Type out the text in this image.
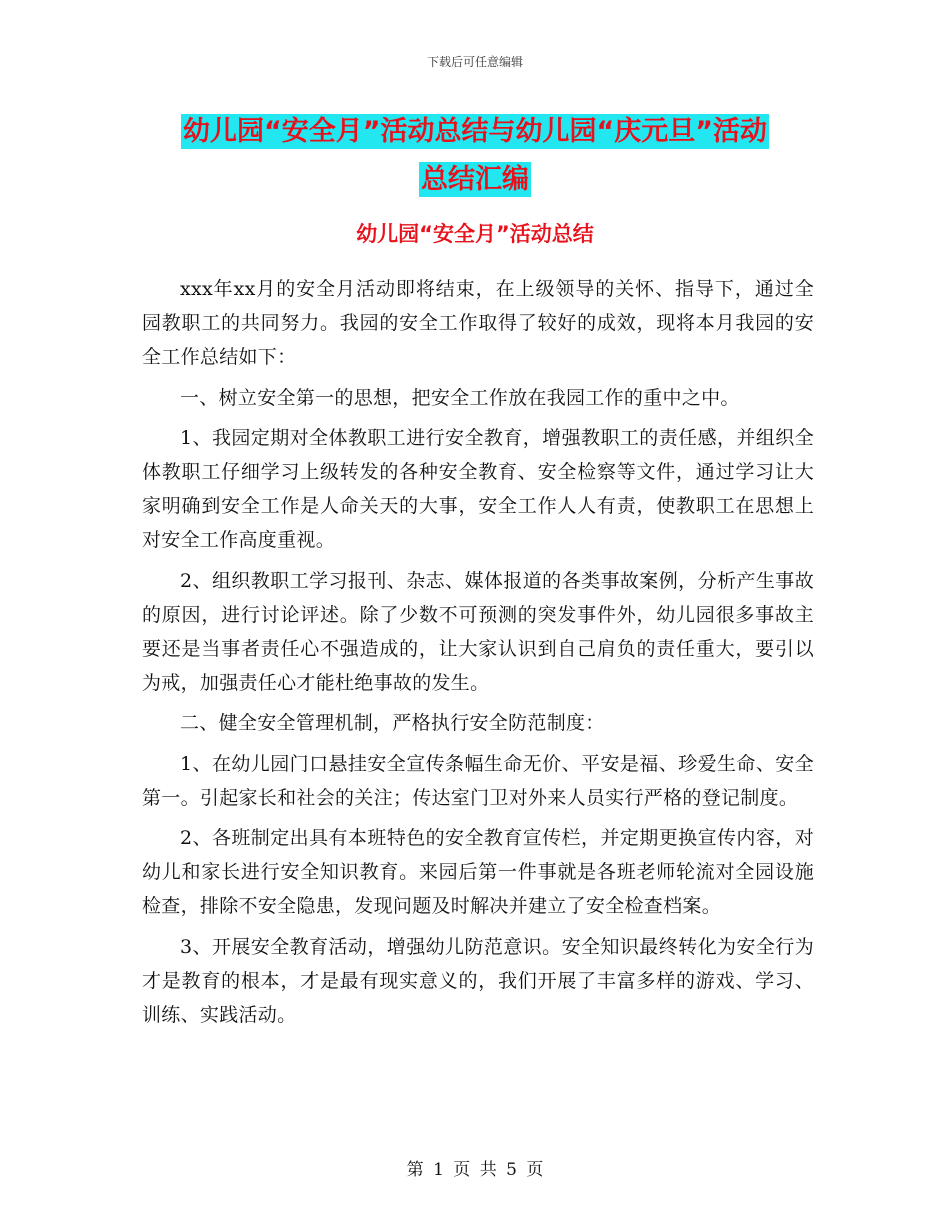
下载后可任意编辑
幼儿园“安全月”活动总结与幼儿园“庆元旦”活动
总结汇编
幼儿园“安全月”活动总结

xxx年xx月的安全月活动即将结束，在上级领导的关怀、指导下，通过全园教职工的共同努力。我园的安全工作取得了较好的成效，现将本月我园的安全工作总结如下：

一、树立安全第一的思想，把安全工作放在我园工作的重中之中。

1、我园定期对全体教职工进行安全教育，增强教职工的责任感，并组织全体教职工仔细学习上级转发的各种安全教育、安全检察等文件，通过学习让大家明确到安全工作是人命关天的大事，安全工作人人有责，使教职工在思想上对安全工作高度重视。

2、组织教职工学习报刊、杂志、媒体报道的各类事故案例，分析产生事故的原因，进行讨论评述。除了少数不可预测的突发事件外，幼儿园很多事故主要还是当事者责任心不强造成的，让大家认识到自己肩负的责任重大，要引以为戒，加强责任心才能杜绝事故的发生。

二、健全安全管理机制，严格执行安全防范制度：

1、在幼儿园门口悬挂安全宣传条幅生命无价、平安是福、珍爱生命、安全第一。引起家长和社会的关注；传达室门卫对外来人员实行严格的登记制度。

2、各班制定出具有本班特色的安全教育宣传栏，并定期更换宣传内容，对幼儿和家长进行安全知识教育。来园后第一件事就是各班老师轮流对全园设施检查，排除不安全隐患，发现问题及时解决并建立了安全检查档案。

3、开展安全教育活动，增强幼儿防范意识。安全知识最终转化为安全行为才是教育的根本，才是最有现实意义的，我们开展了丰富多样的游戏、学习、训练、实践活动。

第 1 页 共 5 页
